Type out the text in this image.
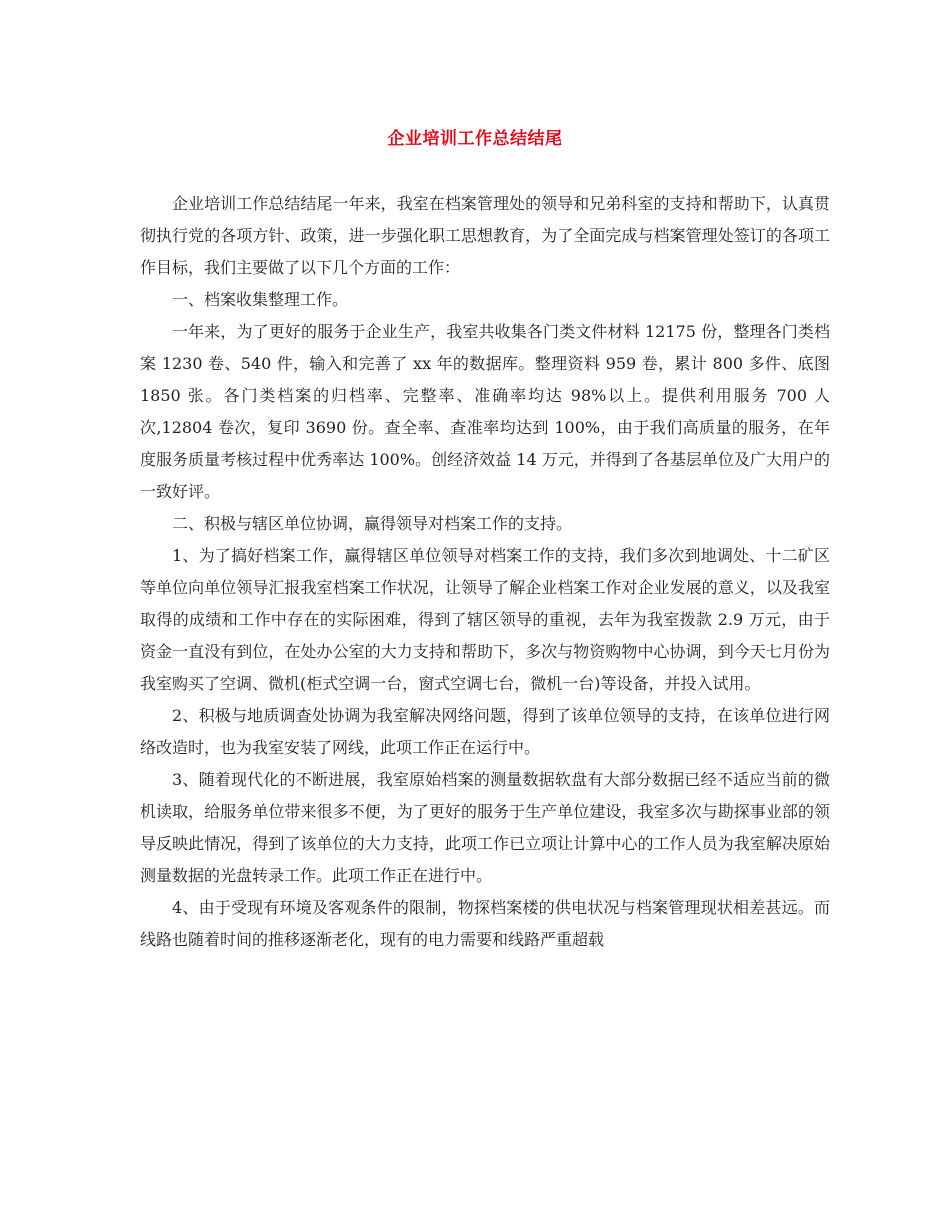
企业培训工作总结结尾

企业培训工作总结结尾一年来，我室在档案管理处的领导和兄弟科室的支持和帮助下，认真贯彻执行党的各项方针、政策，进一步强化职工思想教育，为了全面完成与档案管理处签订的各项工作目标，我们主要做了以下几个方面的工作：

一、档案收集整理工作。

一年来，为了更好的服务于企业生产，我室共收集各门类文件材料 12175 份，整理各门类档案 1230 卷、540 件，输入和完善了 xx 年的数据库。整理资料 959 卷，累计 800 多件、底图 1850 张。各门类档案的归档率、完整率、准确率均达 98%以上。提供利用服务 700 人次,12804 卷次，复印 3690 份。查全率、查准率均达到 100%，由于我们高质量的服务，在年度服务质量考核过程中优秀率达 100%。创经济效益 14 万元，并得到了各基层单位及广大用户的一致好评。

二、积极与辖区单位协调，赢得领导对档案工作的支持。

1、为了搞好档案工作，赢得辖区单位领导对档案工作的支持，我们多次到地调处、十二矿区等单位向单位领导汇报我室档案工作状况，让领导了解企业档案工作对企业发展的意义，以及我室取得的成绩和工作中存在的实际困难，得到了辖区领导的重视，去年为我室拨款 2.9 万元，由于资金一直没有到位，在处办公室的大力支持和帮助下，多次与物资购物中心协调，到今天七月份为我室购买了空调、微机(柜式空调一台，窗式空调七台，微机一台)等设备，并投入试用。

2、积极与地质调查处协调为我室解决网络问题，得到了该单位领导的支持，在该单位进行网络改造时，也为我室安装了网线，此项工作正在运行中。

3、随着现代化的不断进展，我室原始档案的测量数据软盘有大部分数据已经不适应当前的微机读取，给服务单位带来很多不便，为了更好的服务于生产单位建设，我室多次与勘探事业部的领导反映此情况，得到了该单位的大力支持，此项工作已立项让计算中心的工作人员为我室解决原始测量数据的光盘转录工作。此项工作正在进行中。

4、由于受现有环境及客观条件的限制，物探档案楼的供电状况与档案管理现状相差甚远。而线路也随着时间的推移逐渐老化，现有的电力需要和线路严重超载
